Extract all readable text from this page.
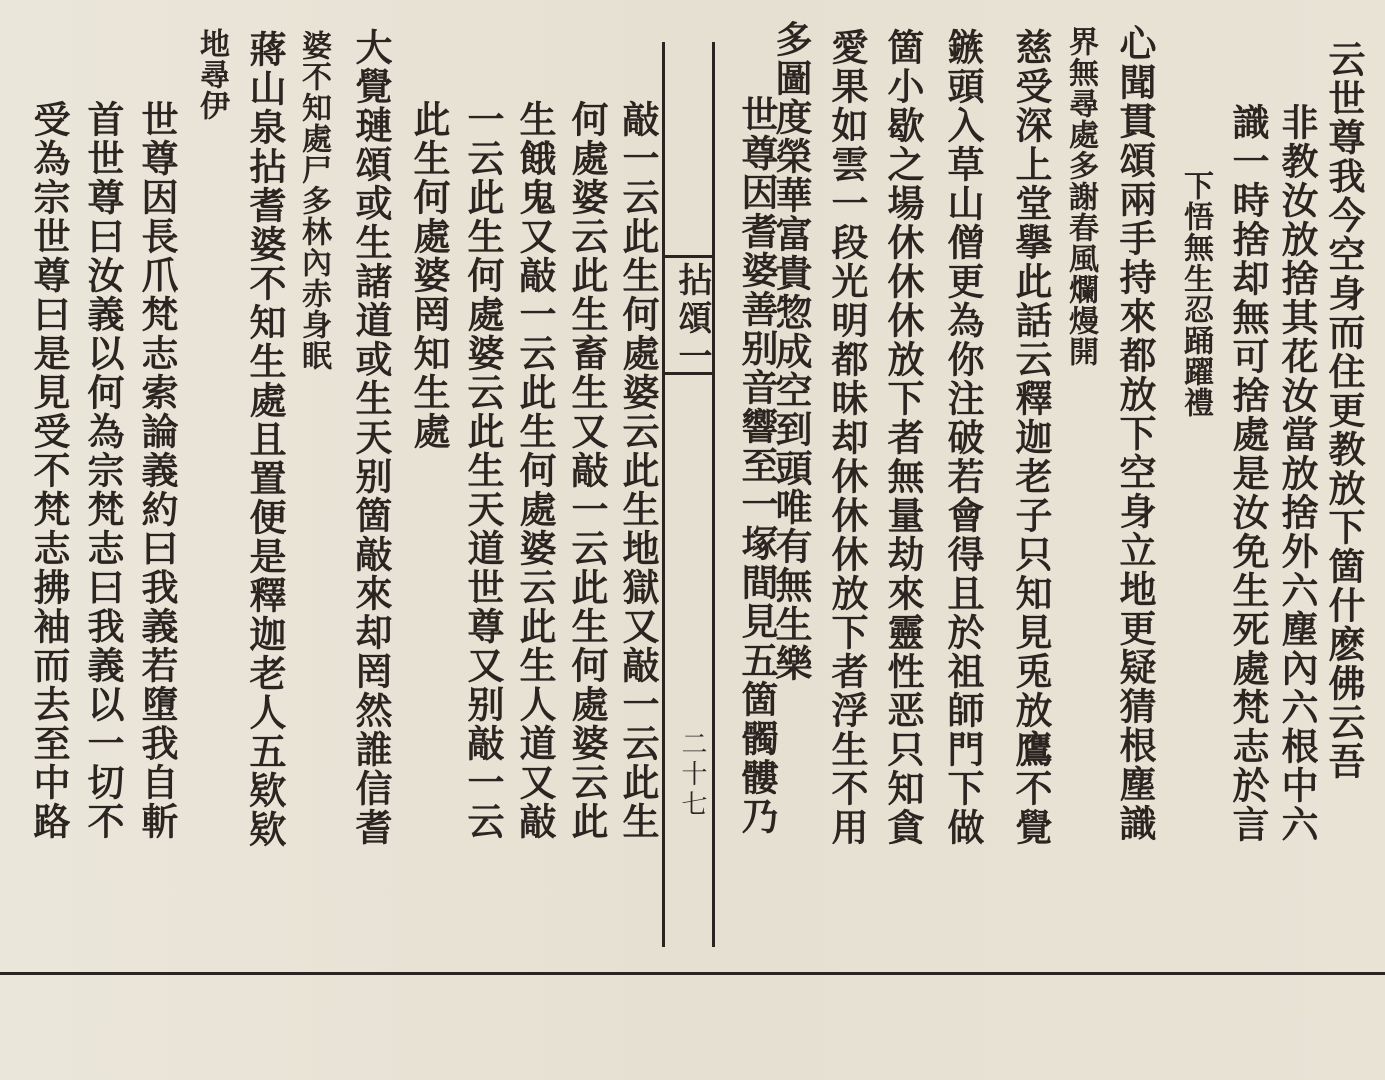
云世尊我今空身而住更教放下箇什麽佛云吾
非教汝放捨其花汝當放捨外六塵內六根中六
識一時捨却無可捨處是汝免生死處梵志於言
下悟無生忍踊躍禮
心聞貫頌兩手持來都放下空身立地更疑猜根塵識
界無尋處多謝春風爛熳開
慈受深上堂擧此話云釋迦老子只知見兎放鷹不覺
鏃頭入草山僧更為你注破若會得且於祖師門下做
箇小歇之場休休休放下者無量劫來靈性恶只知貪
愛果如雲一段光明都昧却休休休放下者浮生不用
多圖度榮華富貴惣成空到頭唯有無生樂
拈頌一
二十七 世尊因耆婆善别音響至一塚間見五箇髑髏乃
敲一云此生何處婆云此生地獄又敲一云此生
何處婆云此生畜生又敲一云此生何處婆云此
生餓鬼又敲一云此生何處婆云此生人道又敲
一云此生何處婆云此生天道世尊又别敲一云
此生何處婆罔知生處
大覺璉頌或生諸道或生天别箇敲來却罔然誰信耆
婆不知處尸多林內赤身眠
蔣山泉拈耆婆不知生處且置便是釋迦老人五欵欵
地尋伊
世尊因長爪梵志索論義約曰我義若墮我自斬
首世尊曰汝義以何為宗梵志曰我義以一切不
受為宗世尊曰是見受不梵志拂袖而去至中路
